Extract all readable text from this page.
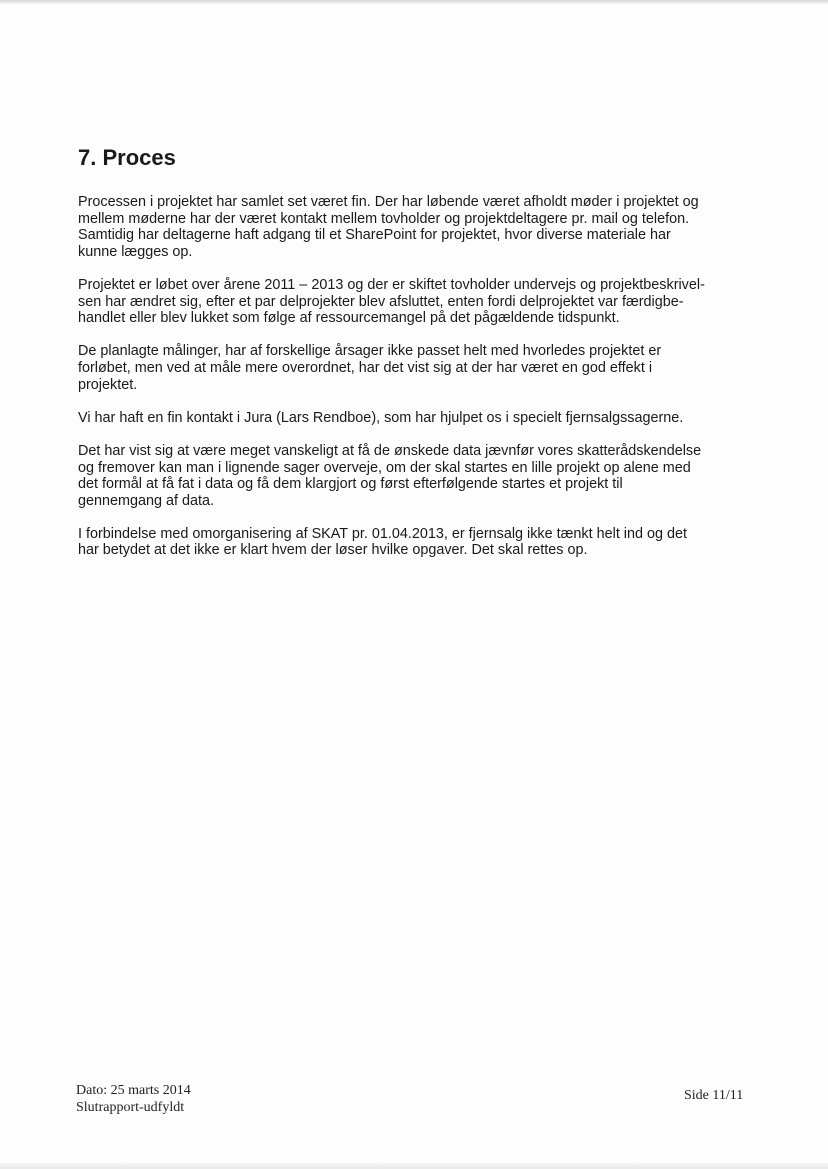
7. Proces

Processen i projektet har samlet set været fin. Der har løbende været afholdt møder i projektet og
mellem møderne har der været kontakt mellem tovholder og projektdeltagere pr. mail og telefon.
Samtidig har deltagerne haft adgang til et SharePoint for projektet, hvor diverse materiale har
kunne lægges op.

Projektet er løbet over årene 2011 – 2013 og der er skiftet tovholder undervejs og projektbeskrivel-
sen har ændret sig, efter et par delprojekter blev afsluttet, enten fordi delprojektet var færdigbe-
handlet eller blev lukket som følge af ressourcemangel på det pågældende tidspunkt.

De planlagte målinger, har af forskellige årsager ikke passet helt med hvorledes projektet er
forløbet, men ved at måle mere overordnet, har det vist sig at der har været en god effekt i
projektet.

Vi har haft en fin kontakt i Jura (Lars Rendboe), som har hjulpet os i specielt fjernsalgssagerne.

Det har vist sig at være meget vanskeligt at få de ønskede data jævnfør vores skatterådskendelse
og fremover kan man i lignende sager overveje, om der skal startes en lille projekt op alene med
det formål at få fat i data og få dem klargjort og først efterfølgende startes et projekt til
gennemgang af data.

I forbindelse med omorganisering af SKAT pr. 01.04.2013, er fjernsalg ikke tænkt helt ind og det
har betydet at det ikke er klart hvem der løser hvilke opgaver. Det skal rettes op.

Dato: 25 marts 2014
Slutrapport-udfyldt
Side 11/11
